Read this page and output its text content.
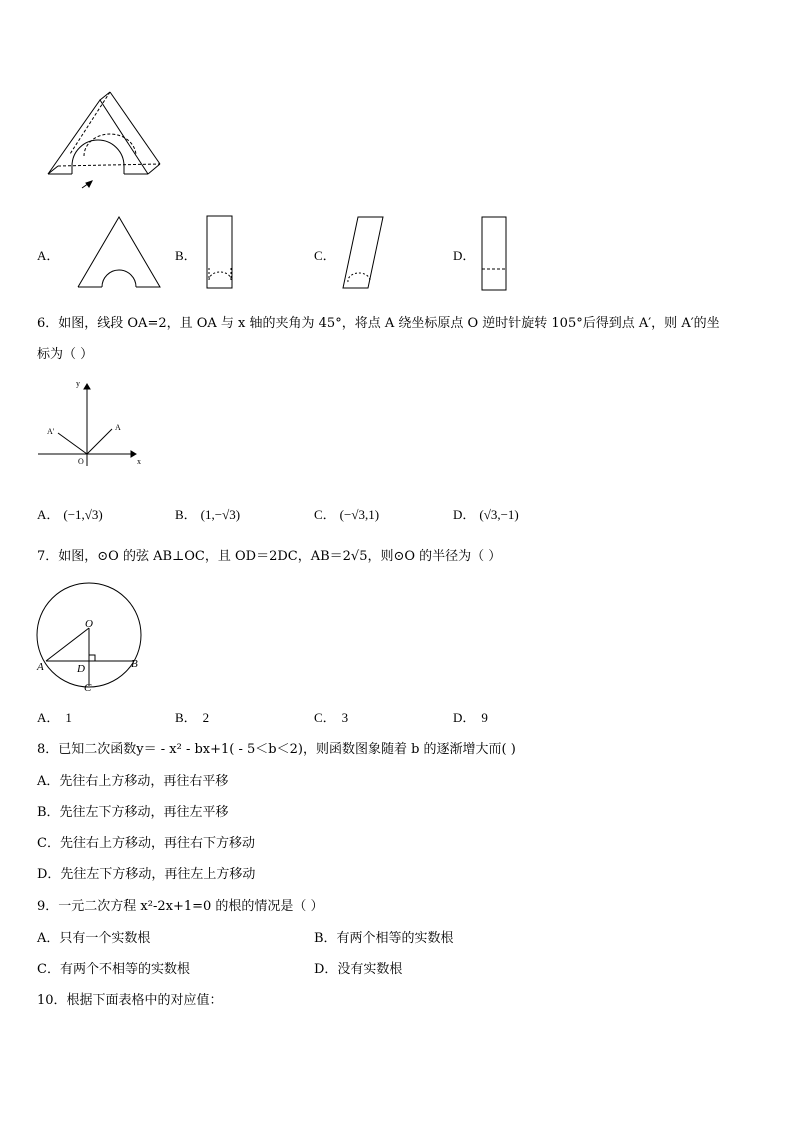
A．	B．	C．	D．
6．如图，线段 OA=2，且 OA 与 x 轴的夹角为 45°，将点 A 绕坐标原点 O 逆时针旋转 105°后得到点 A′，则 A′的坐
标为（ ）
y
x
O
A
A'
A． (−1,√3)	B． (1,−√3)	C． (−√3,1)	D． (√3,−1)
7．如图，⊙O 的弦 AB⊥OC，且 OD＝2DC，AB＝2√5，则⊙O 的半径为（ ）
O
A	B
C
D
A． 1	B． 2	C． 3	D． 9
8．已知二次函数y＝ - x² - bx+1( - 5＜b＜2)，则函数图象随着 b 的逐渐增大而( )
A．先往右上方移动，再往右平移
B．先往左下方移动，再往左平移
C．先往右上方移动，再往右下方移动
D．先往左下方移动，再往左上方移动
9．一元二次方程 x²-2x+1=0 的根的情况是（ ）
A．只有一个实数根	B．有两个相等的实数根
C．有两个不相等的实数根	D．没有实数根
10．根据下面表格中的对应值：
